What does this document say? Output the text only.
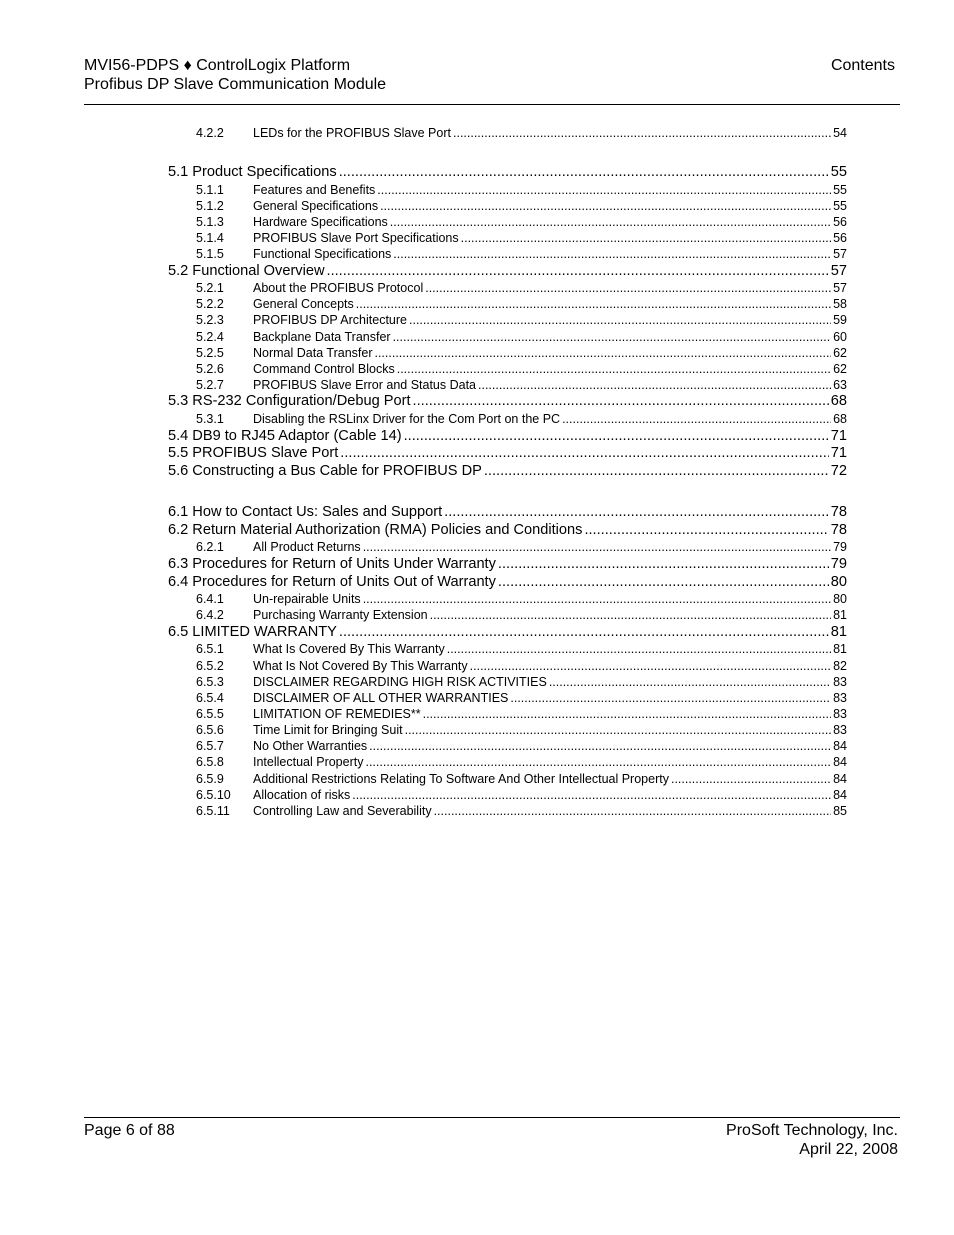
MVI56-PDPS ♦ ControlLogix Platform
Profibus DP Slave Communication Module
Contents
4.2.2	LEDs for the PROFIBUS Slave Port .....	54
5.1 Product Specifications .....	55
5.1.1	Features and Benefits .....	55
5.1.2	General Specifications .....	55
5.1.3	Hardware Specifications .....	56
5.1.4	PROFIBUS Slave Port Specifications .....	56
5.1.5	Functional Specifications .....	57
5.2 Functional Overview .....	57
5.2.1	About the PROFIBUS Protocol .....	57
5.2.2	General Concepts .....	58
5.2.3	PROFIBUS DP Architecture .....	59
5.2.4	Backplane Data Transfer .....	60
5.2.5	Normal Data Transfer .....	62
5.2.6	Command Control Blocks .....	62
5.2.7	PROFIBUS Slave Error and Status Data .....	63
5.3 RS-232 Configuration/Debug Port .....	68
5.3.1	Disabling the RSLinx Driver for the Com Port on the PC .....	68
5.4 DB9 to RJ45 Adaptor (Cable 14) .....	71
5.5 PROFIBUS Slave Port .....	71
5.6 Constructing a Bus Cable for PROFIBUS DP .....	72
6.1 How to Contact Us: Sales and Support .....	78
6.2 Return Material Authorization (RMA) Policies and Conditions .....	78
6.2.1	All Product Returns .....	79
6.3 Procedures for Return of Units Under Warranty .....	79
6.4 Procedures for Return of Units Out of Warranty .....	80
6.4.1	Un-repairable Units .....	80
6.4.2	Purchasing Warranty Extension .....	81
6.5 LIMITED WARRANTY .....	81
6.5.1	What Is Covered By This Warranty .....	81
6.5.2	What Is Not Covered By This Warranty .....	82
6.5.3	DISCLAIMER REGARDING HIGH RISK ACTIVITIES .....	83
6.5.4	DISCLAIMER OF ALL OTHER WARRANTIES .....	83
6.5.5	LIMITATION OF REMEDIES** .....	83
6.5.6	Time Limit for Bringing Suit .....	83
6.5.7	No Other Warranties .....	84
6.5.8	Intellectual Property .....	84
6.5.9	Additional Restrictions Relating To Software And Other Intellectual Property .....	84
6.5.10	Allocation of risks .....	84
6.5.11	Controlling Law and Severability .....	85
Page 6 of 88	ProSoft Technology, Inc.
April 22, 2008
